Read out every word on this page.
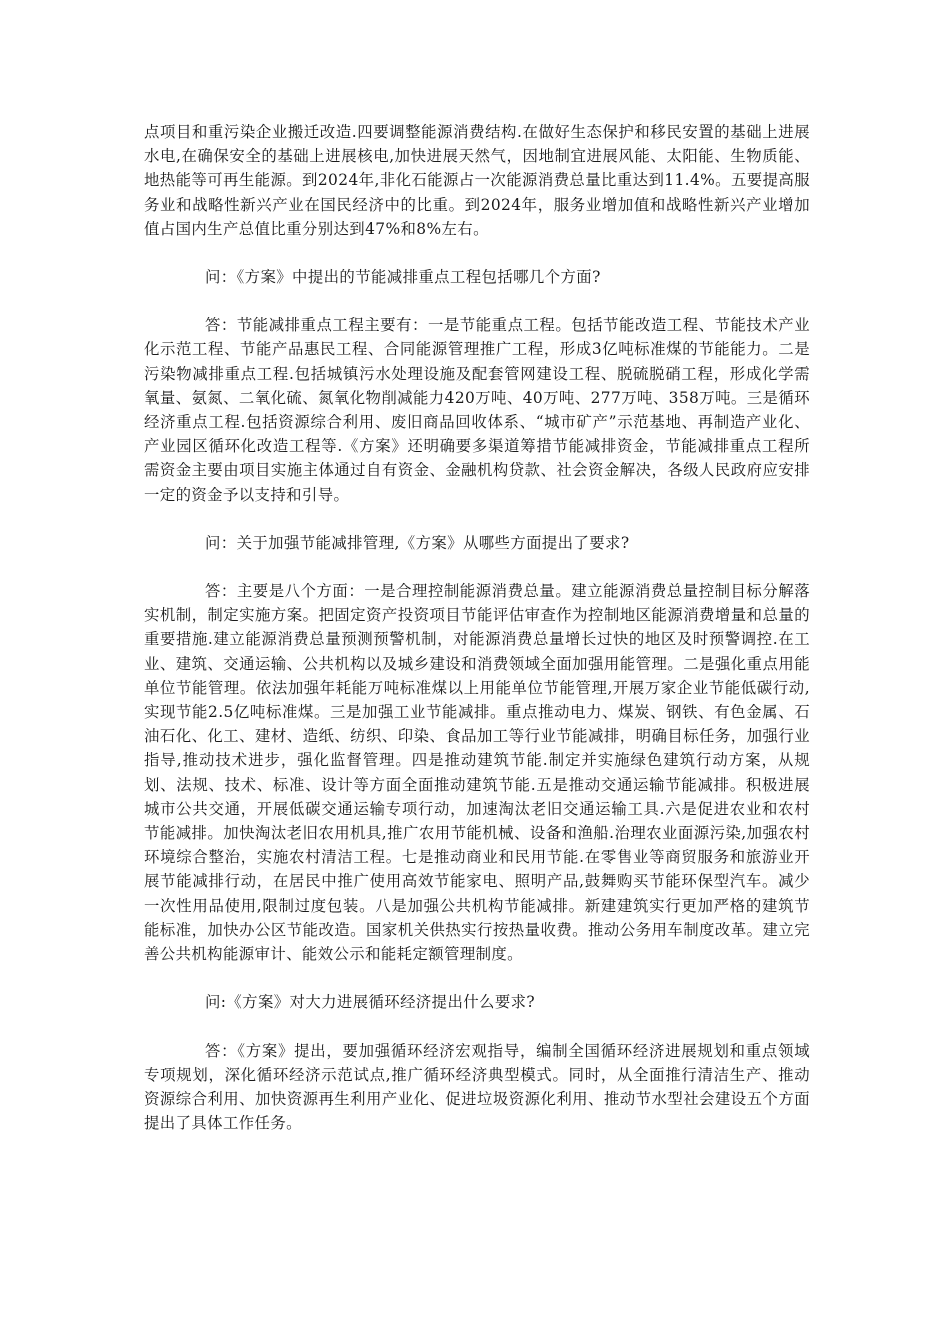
点项目和重污染企业搬迁改造.四要调整能源消费结构.在做好生态保护和移民安置的基础上进展水电,在确保安全的基础上进展核电,加快进展天然气，因地制宜进展风能、太阳能、生物质能、地热能等可再生能源。到2024年,非化石能源占一次能源消费总量比重达到11.4%。五要提高服务业和战略性新兴产业在国民经济中的比重。到2024年，服务业增加值和战略性新兴产业增加值占国内生产总值比重分别达到47%和8%左右。

问：《方案》中提出的节能减排重点工程包括哪几个方面?

答：节能减排重点工程主要有：一是节能重点工程。包括节能改造工程、节能技术产业化示范工程、节能产品惠民工程、合同能源管理推广工程，形成3亿吨标准煤的节能能力。二是污染物减排重点工程.包括城镇污水处理设施及配套管网建设工程、脱硫脱硝工程，形成化学需氧量、氨氮、二氧化硫、氮氧化物削减能力420万吨、40万吨、277万吨、358万吨。三是循环经济重点工程.包括资源综合利用、废旧商品回收体系、“城市矿产”示范基地、再制造产业化、产业园区循环化改造工程等.《方案》还明确要多渠道筹措节能减排资金，节能减排重点工程所需资金主要由项目实施主体通过自有资金、金融机构贷款、社会资金解决，各级人民政府应安排一定的资金予以支持和引导。

问：关于加强节能减排管理,《方案》从哪些方面提出了要求?

答：主要是八个方面：一是合理控制能源消费总量。建立能源消费总量控制目标分解落实机制，制定实施方案。把固定资产投资项目节能评估审查作为控制地区能源消费增量和总量的重要措施.建立能源消费总量预测预警机制，对能源消费总量增长过快的地区及时预警调控.在工业、建筑、交通运输、公共机构以及城乡建设和消费领域全面加强用能管理。二是强化重点用能单位节能管理。依法加强年耗能万吨标准煤以上用能单位节能管理,开展万家企业节能低碳行动,实现节能2.5亿吨标准煤。三是加强工业节能减排。重点推动电力、煤炭、钢铁、有色金属、石油石化、化工、建材、造纸、纺织、印染、食品加工等行业节能减排，明确目标任务，加强行业指导,推动技术进步，强化监督管理。四是推动建筑节能.制定并实施绿色建筑行动方案，从规划、法规、技术、标准、设计等方面全面推动建筑节能.五是推动交通运输节能减排。积极进展城市公共交通，开展低碳交通运输专项行动，加速淘汰老旧交通运输工具.六是促进农业和农村节能减排。加快淘汰老旧农用机具,推广农用节能机械、设备和渔船.治理农业面源污染,加强农村环境综合整治，实施农村清洁工程。七是推动商业和民用节能.在零售业等商贸服务和旅游业开展节能减排行动，在居民中推广使用高效节能家电、照明产品,鼓舞购买节能环保型汽车。减少一次性用品使用,限制过度包装。八是加强公共机构节能减排。新建建筑实行更加严格的建筑节能标准，加快办公区节能改造。国家机关供热实行按热量收费。推动公务用车制度改革。建立完善公共机构能源审计、能效公示和能耗定额管理制度。

问:《方案》对大力进展循环经济提出什么要求?

答：《方案》提出，要加强循环经济宏观指导，编制全国循环经济进展规划和重点领域专项规划，深化循环经济示范试点,推广循环经济典型模式。同时，从全面推行清洁生产、推动资源综合利用、加快资源再生利用产业化、促进垃圾资源化利用、推动节水型社会建设五个方面提出了具体工作任务。
